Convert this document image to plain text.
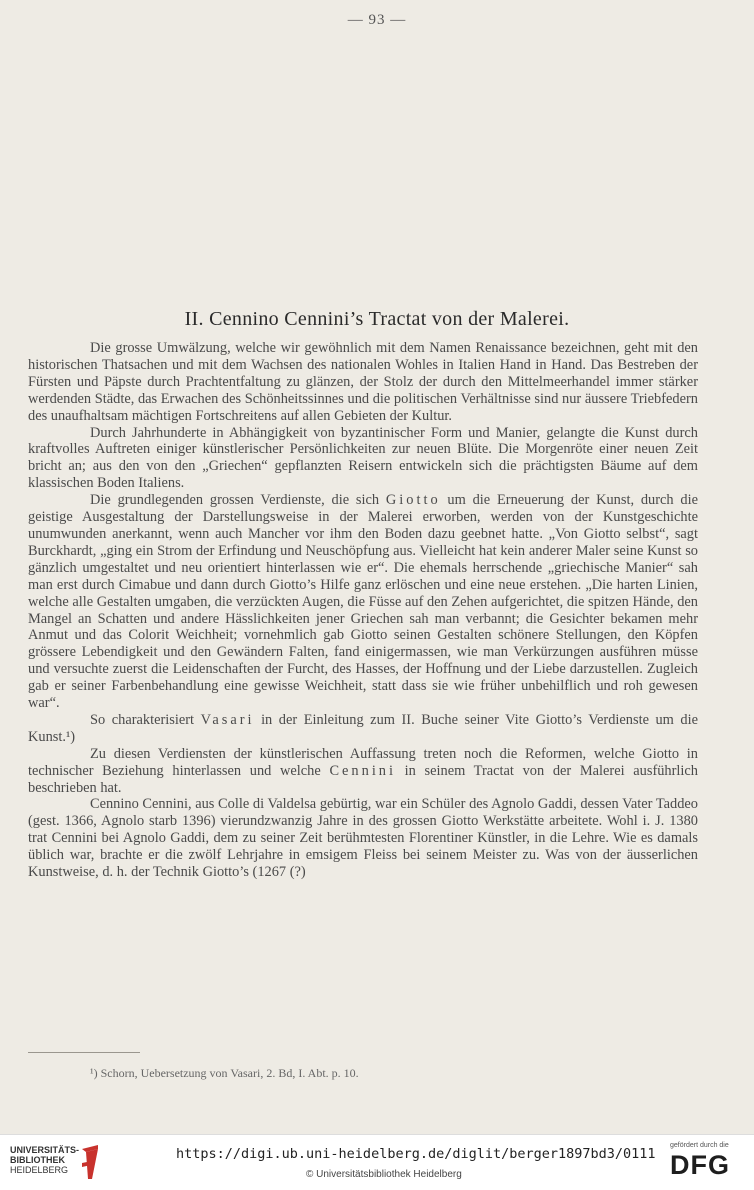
— 93 —
II. Cennino Cennini’s Tractat von der Malerei.

Die grosse Umwälzung, welche wir gewöhnlich mit dem Namen Renaissance bezeichnen, geht mit den historischen Thatsachen und mit dem Wachsen des nationalen Wohles in Italien Hand in Hand. Das Bestreben der Fürsten und Päpste durch Prachtentfaltung zu glänzen, der Stolz der durch den Mittelmeerhandel immer stärker werdenden Städte, das Erwachen des Schönheitssinnes und die politischen Verhältnisse sind nur äussere Triebfedern des unaufhaltsam mächtigen Fortschreitens auf allen Gebieten der Kultur.

Durch Jahrhunderte in Abhängigkeit von byzantinischer Form und Manier, gelangte die Kunst durch kraftvolles Auftreten einiger künstlerischer Persönlichkeiten zur neuen Blüte. Die Morgenröte einer neuen Zeit bricht an; aus den von den „Griechen“ gepflanzten Reisern entwickeln sich die prächtigsten Bäume auf dem klassischen Boden Italiens.

Die grundlegenden grossen Verdienste, die sich Giotto um die Erneuerung der Kunst, durch die geistige Ausgestaltung der Darstellungsweise in der Malerei erworben, werden von der Kunstgeschichte unumwunden anerkannt, wenn auch Mancher vor ihm den Boden dazu geebnet hatte. „Von Giotto selbst“, sagt Burckhardt, „ging ein Strom der Erfindung und Neuschöpfung aus. Vielleicht hat kein anderer Maler seine Kunst so gänzlich umgestaltet und neu orientiert hinterlassen wie er“. Die ehemals herrschende „griechische Manier“ sah man erst durch Cimabue und dann durch Giotto’s Hilfe ganz erlöschen und eine neue erstehen. „Die harten Linien, welche alle Gestalten umgaben, die verzückten Augen, die Füsse auf den Zehen aufgerichtet, die spitzen Hände, den Mangel an Schatten und andere Hässlichkeiten jener Griechen sah man verbannt; die Gesichter bekamen mehr Anmut und das Colorit Weichheit; vornehmlich gab Giotto seinen Gestalten schönere Stellungen, den Köpfen grössere Lebendigkeit und den Gewändern Falten, fand einigermassen, wie man Verkürzungen ausführen müsse und versuchte zuerst die Leidenschaften der Furcht, des Hasses, der Hoffnung und der Liebe darzustellen. Zugleich gab er seiner Farbenbehandlung eine gewisse Weichheit, statt dass sie wie früher unbehilflich und roh gewesen war“.

So charakterisiert Vasari in der Einleitung zum II. Buche seiner Vite Giotto’s Verdienste um die Kunst.¹)

Zu diesen Verdiensten der künstlerischen Auffassung treten noch die Reformen, welche Giotto in technischer Beziehung hinterlassen und welche Cennini in seinem Tractat von der Malerei ausführlich beschrieben hat.

Cennino Cennini, aus Colle di Valdelsa gebürtig, war ein Schüler des Agnolo Gaddi, dessen Vater Taddeo (gest. 1366, Agnolo starb 1396) vierundzwanzig Jahre in des grossen Giotto Werkstätte arbeitete. Wohl i. J. 1380 trat Cennini bei Agnolo Gaddi, dem zu seiner Zeit berühmtesten Florentiner Künstler, in die Lehre. Wie es damals üblich war, brachte er die zwölf Lehrjahre in emsigem Fleiss bei seinem Meister zu. Was von der äusserlichen Kunstweise, d. h. der Technik Giotto’s (1267 (?)

¹) Schorn, Uebersetzung von Vasari, 2. Bd, I. Abt. p. 10.
UNIVERSITÄTS-
BIBLIOTHEK
HEIDELBERG
https://digi.ub.uni-heidelberg.de/diglit/berger1897bd3/0111
© Universitätsbibliothek Heidelberg
gefördert durch die
DFG
